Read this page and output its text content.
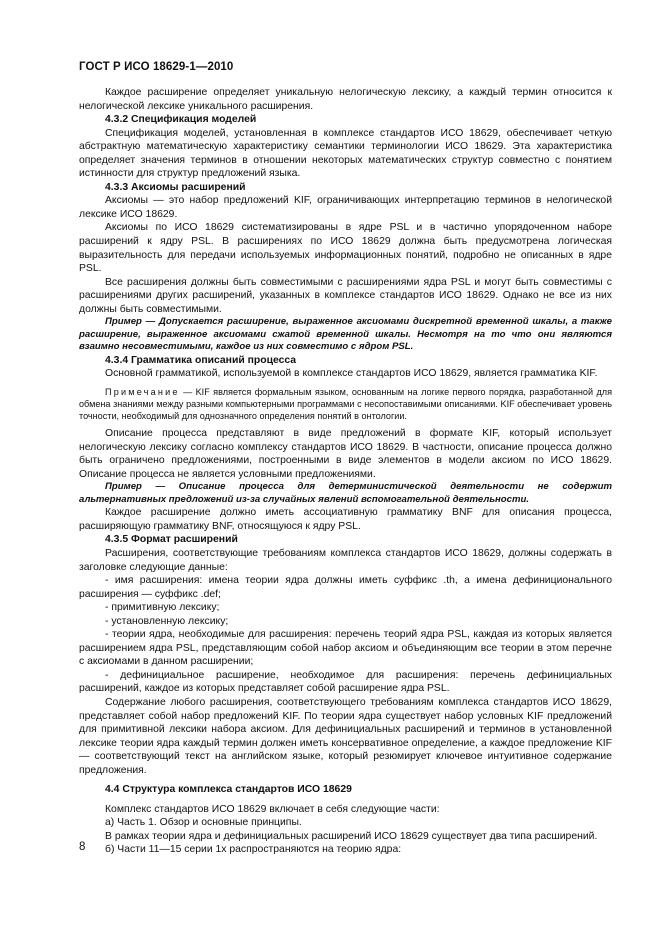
ГОСТ Р ИСО 18629-1—2010

Каждое расширение определяет уникальную нелогическую лексику, а каждый термин относится к нелогической лексике уникального расширения.

4.3.2 Спецификация моделей

Спецификация моделей, установленная в комплексе стандартов ИСО 18629, обеспечивает четкую абстрактную математическую характеристику семантики терминологии ИСО 18629. Эта характеристика определяет значения терминов в отношении некоторых математических структур совместно с понятием истинности для структур предложений языка.

4.3.3 Аксиомы расширений

Аксиомы — это набор предложений KIF, ограничивающих интерпретацию терминов в нелогической лексике ИСО 18629.

Аксиомы по ИСО 18629 систематизированы в ядре PSL и в частично упорядоченном наборе расширений к ядру PSL. В расширениях по ИСО 18629 должна быть предусмотрена логическая выразительность для передачи используемых информационных понятий, подробно не описанных в ядре PSL.

Все расширения должны быть совместимыми с расширениями ядра PSL и могут быть совместимы с расширениями других расширений, указанных в комплексе стандартов ИСО 18629. Однако не все из них должны быть совместимыми.

Пример — Допускается расширение, выраженное аксиомами дискретной временной шкалы, а также расширение, выраженное аксиомами сжатой временной шкалы. Несмотря на то что они являются взаимно несовместимыми, каждое из них совместимо с ядром PSL.

4.3.4 Грамматика описаний процесса

Основной грамматикой, используемой в комплексе стандартов ИСО 18629, является грамматика KIF.

Примечание — KIF является формальным языком, основанным на логике первого порядка, разработанной для обмена знаниями между разными компьютерными программами с несопоставимыми описаниями. KIF обеспечивает уровень точности, необходимый для однозначного определения понятий в онтологии.

Описание процесса представляют в виде предложений в формате KIF, который использует нелогическую лексику согласно комплексу стандартов ИСО 18629. В частности, описание процесса должно быть ограничено предложениями, построенными в виде элементов в модели аксиом по ИСО 18629. Описание процесса не является условными предложениями.

Пример — Описание процесса для детерминистической деятельности не содержит альтернативных предложений из-за случайных явлений вспомогательной деятельности.

Каждое расширение должно иметь ассоциативную грамматику BNF для описания процесса, расширяющую грамматику BNF, относящуюся к ядру PSL.

4.3.5 Формат расширений

Расширения, соответствующие требованиям комплекса стандартов ИСО 18629, должны содержать в заголовке следующие данные:

- имя расширения: имена теории ядра должны иметь суффикс .th, а имена дефиниционального расширения — суффикс .def;

- примитивную лексику;

- установленную лексику;

- теории ядра, необходимые для расширения: перечень теорий ядра PSL, каждая из которых является расширением ядра PSL, представляющим собой набор аксиом и объединяющим все теории в этом перечне с аксиомами в данном расширении;

- дефинициальное расширение, необходимое для расширения: перечень дефинициальных расширений, каждое из которых представляет собой расширение ядра PSL.

Содержание любого расширения, соответствующего требованиям комплекса стандартов ИСО 18629, представляет собой набор предложений KIF. По теории ядра существует набор условных KIF предложений для примитивной лексики набора аксиом. Для дефинициальных расширений и терминов в установленной лексике теории ядра каждый термин должен иметь консервативное определение, а каждое предложение KIF — соответствующий текст на английском языке, который резюмирует ключевое интуитивное содержание предложения.

4.4 Структура комплекса стандартов ИСО 18629

Комплекс стандартов ИСО 18629 включает в себя следующие части:

а) Часть 1. Обзор и основные принципы.

В рамках теории ядра и дефинициальных расширений ИСО 18629 существует два типа расширений.

б) Части 11—15 серии 1х распространяются на теорию ядра:

8
